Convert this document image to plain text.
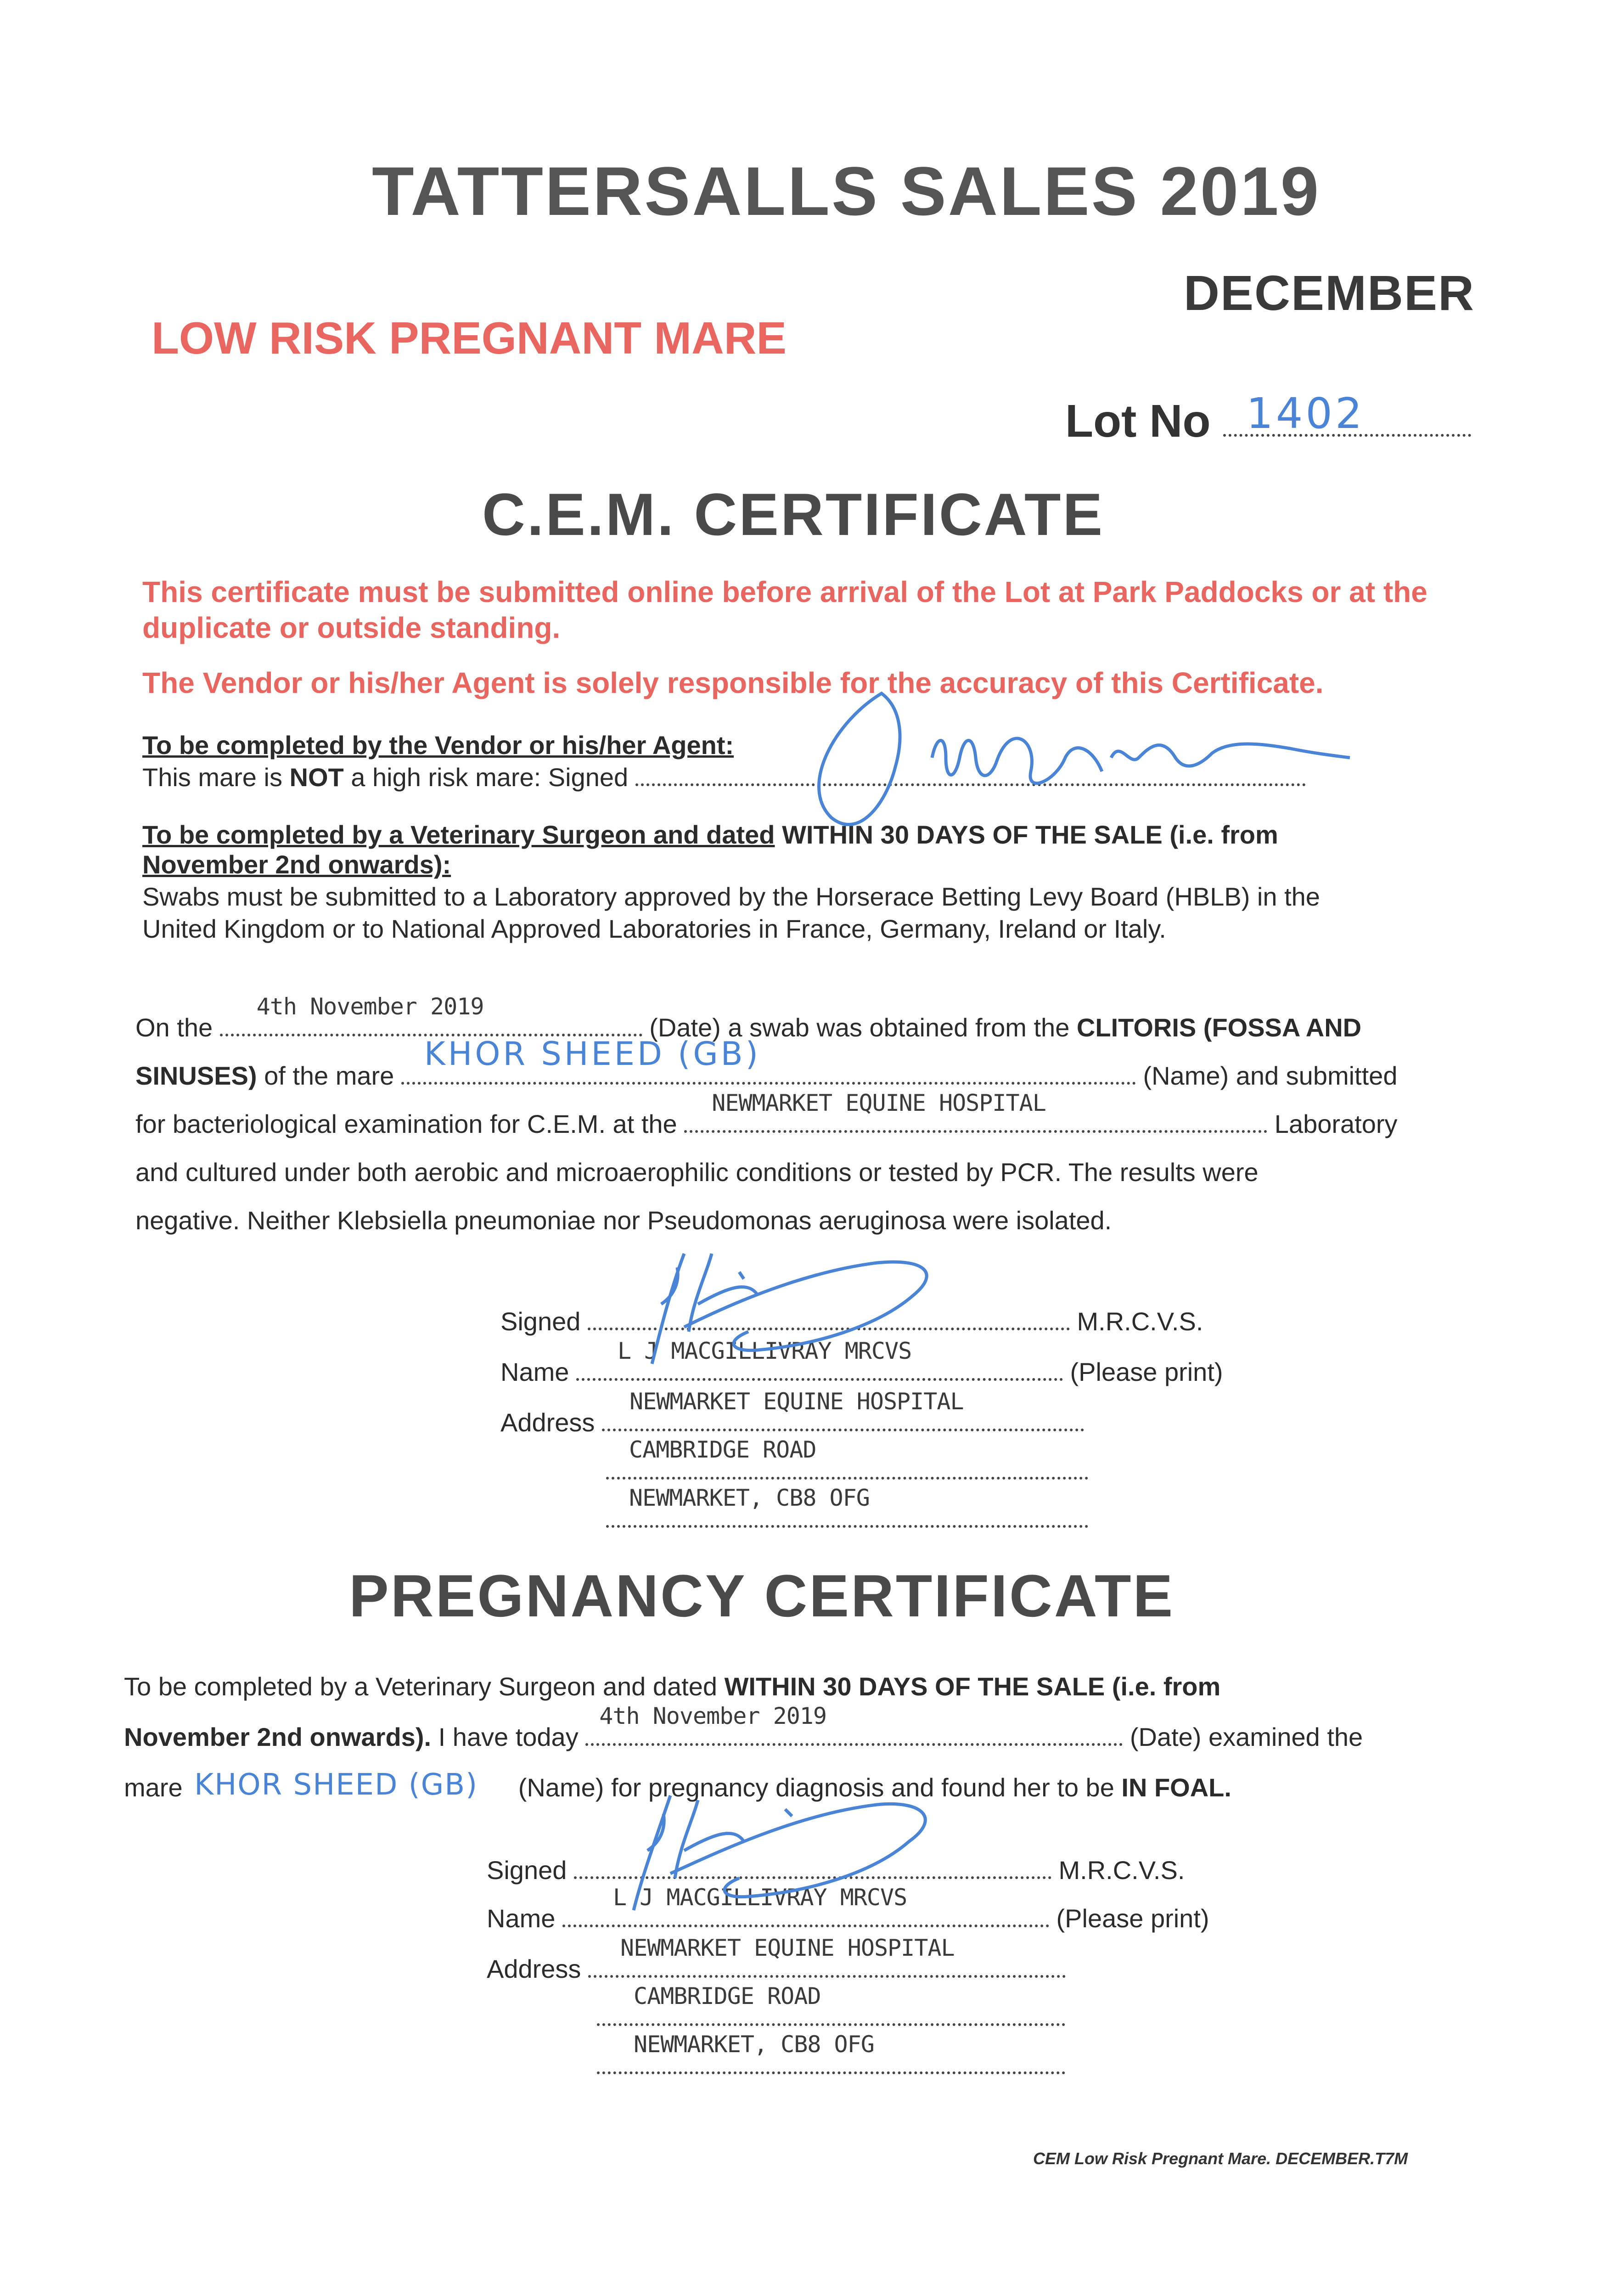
TATTERSALLS SALES 2019
DECEMBER
LOW RISK PREGNANT MARE
Lot No 1402
C.E.M. CERTIFICATE
This certificate must be submitted online before arrival of the Lot at Park Paddocks or at the duplicate or outside standing.
The Vendor or his/her Agent is solely responsible for the accuracy of this Certificate.
To be completed by the Vendor or his/her Agent:
This mare is NOT a high risk mare: Signed
To be completed by a Veterinary Surgeon and dated WITHIN 30 DAYS OF THE SALE (i.e. from
November 2nd onwards):
Swabs must be submitted to a Laboratory approved by the Horserace Betting Levy Board (HBLB) in the
United Kingdom or to National Approved Laboratories in France, Germany, Ireland or Italy.
On the
4th November 2019
(Date) a swab was obtained from the CLITORIS (FOSSA AND
SINUSES) of the mare
KHOR SHEED (GB)
(Name) and submitted
for bacteriological examination for C.E.M. at the
NEWMARKET EQUINE HOSPITAL
Laboratory
and cultured under both aerobic and microaerophilic conditions or tested by PCR. The results were
negative. Neither Klebsiella pneumoniae nor Pseudomonas aeruginosa were isolated.
Signed	M.R.C.V.S.
Name
L J MACGILLIVRAY MRCVS
(Please print)
Address
NEWMARKET EQUINE HOSPITAL
CAMBRIDGE ROAD
NEWMARKET, CB8 OFG
PREGNANCY CERTIFICATE
To be completed by a Veterinary Surgeon and dated WITHIN 30 DAYS OF THE SALE (i.e. from
November 2nd onwards). I have today
4th November 2019
(Date) examined the
mare KHOR SHEED (GB) (Name) for pregnancy diagnosis and found her to be IN FOAL.
Signed	M.R.C.V.S.
Name
L J MACGILLIVRAY MRCVS
(Please print)
Address
NEWMARKET EQUINE HOSPITAL
CAMBRIDGE ROAD
NEWMARKET, CB8 OFG
CEM Low Risk Pregnant Mare. DECEMBER.T7M
